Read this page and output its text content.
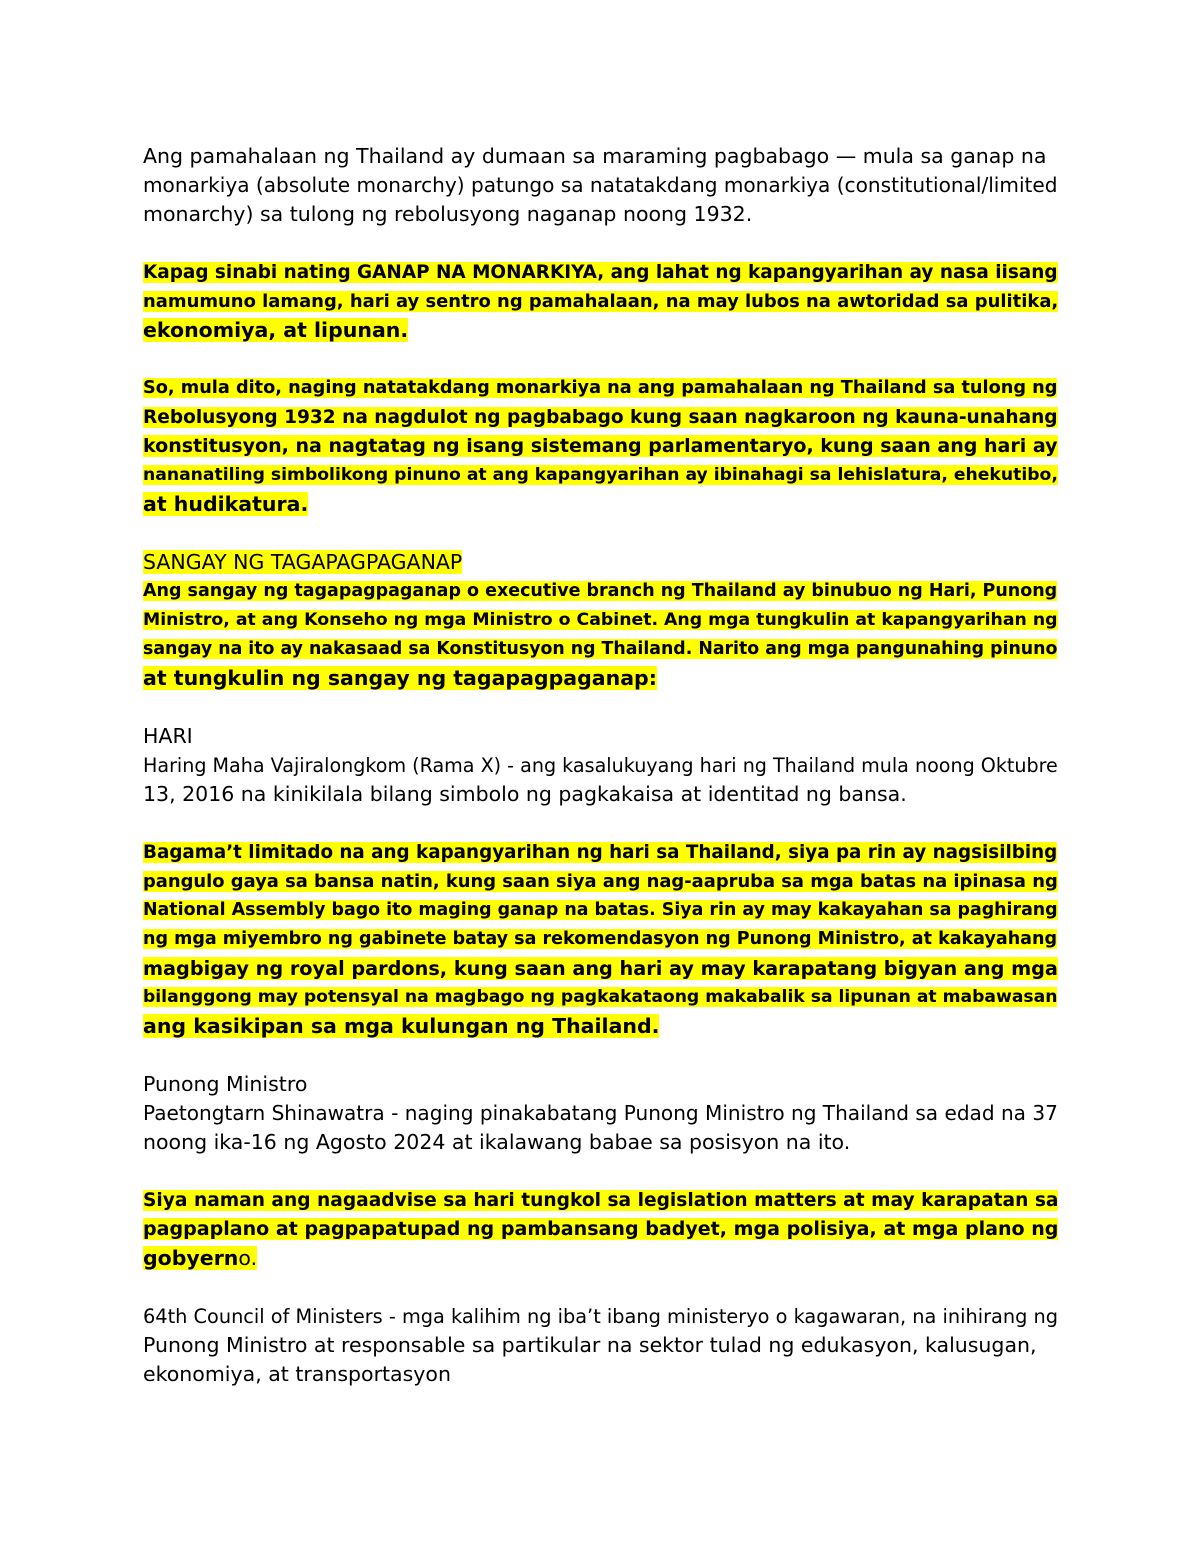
Ang pamahalaan ng Thailand ay dumaan sa maraming pagbabago — mula sa ganap na
monarkiya (absolute monarchy) patungo sa natatakdang monarkiya (constitutional/limited
monarchy) sa tulong ng rebolusyong naganap noong 1932.

Kapag sinabi nating GANAP NA MONARKIYA, ang lahat ng kapangyarihan ay nasa iisang
namumuno lamang, hari ay sentro ng pamahalaan, na may lubos na awtoridad sa pulitika,
ekonomiya, at lipunan.

So, mula dito, naging natatakdang monarkiya na ang pamahalaan ng Thailand sa tulong ng
Rebolusyong 1932 na nagdulot ng pagbabago kung saan nagkaroon ng kauna-unahang
konstitusyon, na nagtatag ng isang sistemang parlamentaryo, kung saan ang hari ay
nananatiling simbolikong pinuno at ang kapangyarihan ay ibinahagi sa lehislatura, ehekutibo,
at hudikatura.

SANGAY NG TAGAPAGPAGANAP
Ang sangay ng tagapagpaganap o executive branch ng Thailand ay binubuo ng Hari, Punong
Ministro, at ang Konseho ng mga Ministro o Cabinet. Ang mga tungkulin at kapangyarihan ng
sangay na ito ay nakasaad sa Konstitusyon ng Thailand. Narito ang mga pangunahing pinuno
at tungkulin ng sangay ng tagapagpaganap:

HARI
Haring Maha Vajiralongkom (Rama X) - ang kasalukuyang hari ng Thailand mula noong Oktubre
13, 2016 na kinikilala bilang simbolo ng pagkakaisa at identitad ng bansa.

Bagama’t limitado na ang kapangyarihan ng hari sa Thailand, siya pa rin ay nagsisilbing
pangulo gaya sa bansa natin, kung saan siya ang nag-aapruba sa mga batas na ipinasa ng
National Assembly bago ito maging ganap na batas. Siya rin ay may kakayahan sa paghirang
ng mga miyembro ng gabinete batay sa rekomendasyon ng Punong Ministro, at kakayahang
magbigay ng royal pardons, kung saan ang hari ay may karapatang bigyan ang mga
bilanggong may potensyal na magbago ng pagkakataong makabalik sa lipunan at mabawasan
ang kasikipan sa mga kulungan ng Thailand.

Punong Ministro
Paetongtarn Shinawatra - naging pinakabatang Punong Ministro ng Thailand sa edad na 37
noong ika-16 ng Agosto 2024 at ikalawang babae sa posisyon na ito.

Siya naman ang nagaadvise sa hari tungkol sa legislation matters at may karapatan sa
pagpaplano at pagpapatupad ng pambansang badyet, mga polisiya, at mga plano ng
gobyerno.

64th Council of Ministers - mga kalihim ng iba’t ibang ministeryo o kagawaran, na inihirang ng
Punong Ministro at responsable sa partikular na sektor tulad ng edukasyon, kalusugan,
ekonomiya, at transportasyon
